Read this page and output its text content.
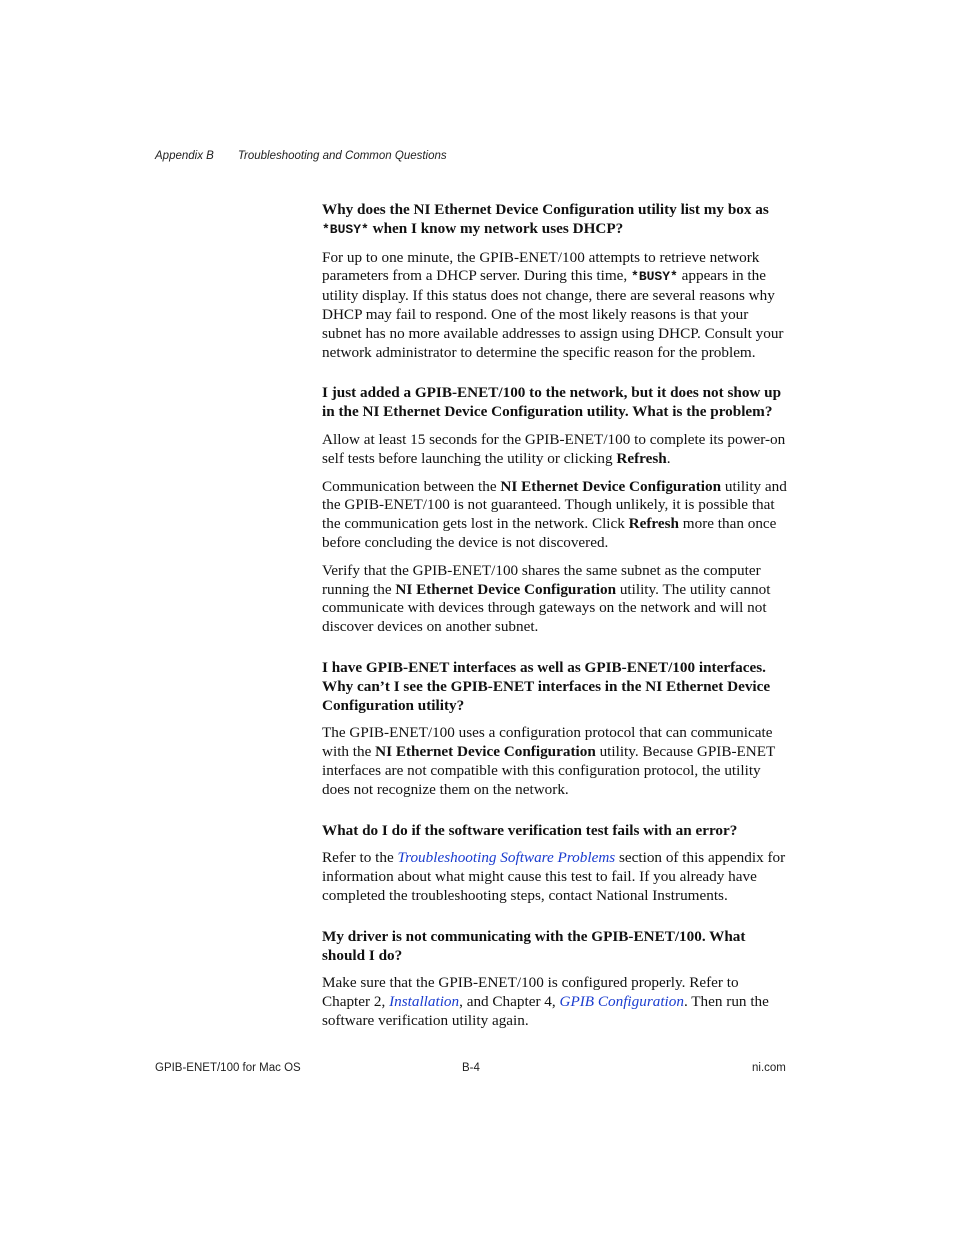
Appendix B Troubleshooting and Common Questions

Why does the NI Ethernet Device Configuration utility list my box as *BUSY* when I know my network uses DHCP?

For up to one minute, the GPIB-ENET/100 attempts to retrieve network parameters from a DHCP server. During this time, *BUSY* appears in the utility display. If this status does not change, there are several reasons why DHCP may fail to respond. One of the most likely reasons is that your subnet has no more available addresses to assign using DHCP. Consult your network administrator to determine the specific reason for the problem.

I just added a GPIB-ENET/100 to the network, but it does not show up in the NI Ethernet Device Configuration utility. What is the problem?

Allow at least 15 seconds for the GPIB-ENET/100 to complete its power-on self tests before launching the utility or clicking Refresh.

Communication between the NI Ethernet Device Configuration utility and the GPIB-ENET/100 is not guaranteed. Though unlikely, it is possible that the communication gets lost in the network. Click Refresh more than once before concluding the device is not discovered.

Verify that the GPIB-ENET/100 shares the same subnet as the computer running the NI Ethernet Device Configuration utility. The utility cannot communicate with devices through gateways on the network and will not discover devices on another subnet.

I have GPIB-ENET interfaces as well as GPIB-ENET/100 interfaces. Why can’t I see the GPIB-ENET interfaces in the NI Ethernet Device Configuration utility?

The GPIB-ENET/100 uses a configuration protocol that can communicate with the NI Ethernet Device Configuration utility. Because GPIB-ENET interfaces are not compatible with this configuration protocol, the utility does not recognize them on the network.

What do I do if the software verification test fails with an error?

Refer to the Troubleshooting Software Problems section of this appendix for information about what might cause this test to fail. If you already have completed the troubleshooting steps, contact National Instruments.

My driver is not communicating with the GPIB-ENET/100. What should I do?

Make sure that the GPIB-ENET/100 is configured properly. Refer to Chapter 2, Installation, and Chapter 4, GPIB Configuration. Then run the software verification utility again.

GPIB-ENET/100 for Mac OS	B-4	ni.com
